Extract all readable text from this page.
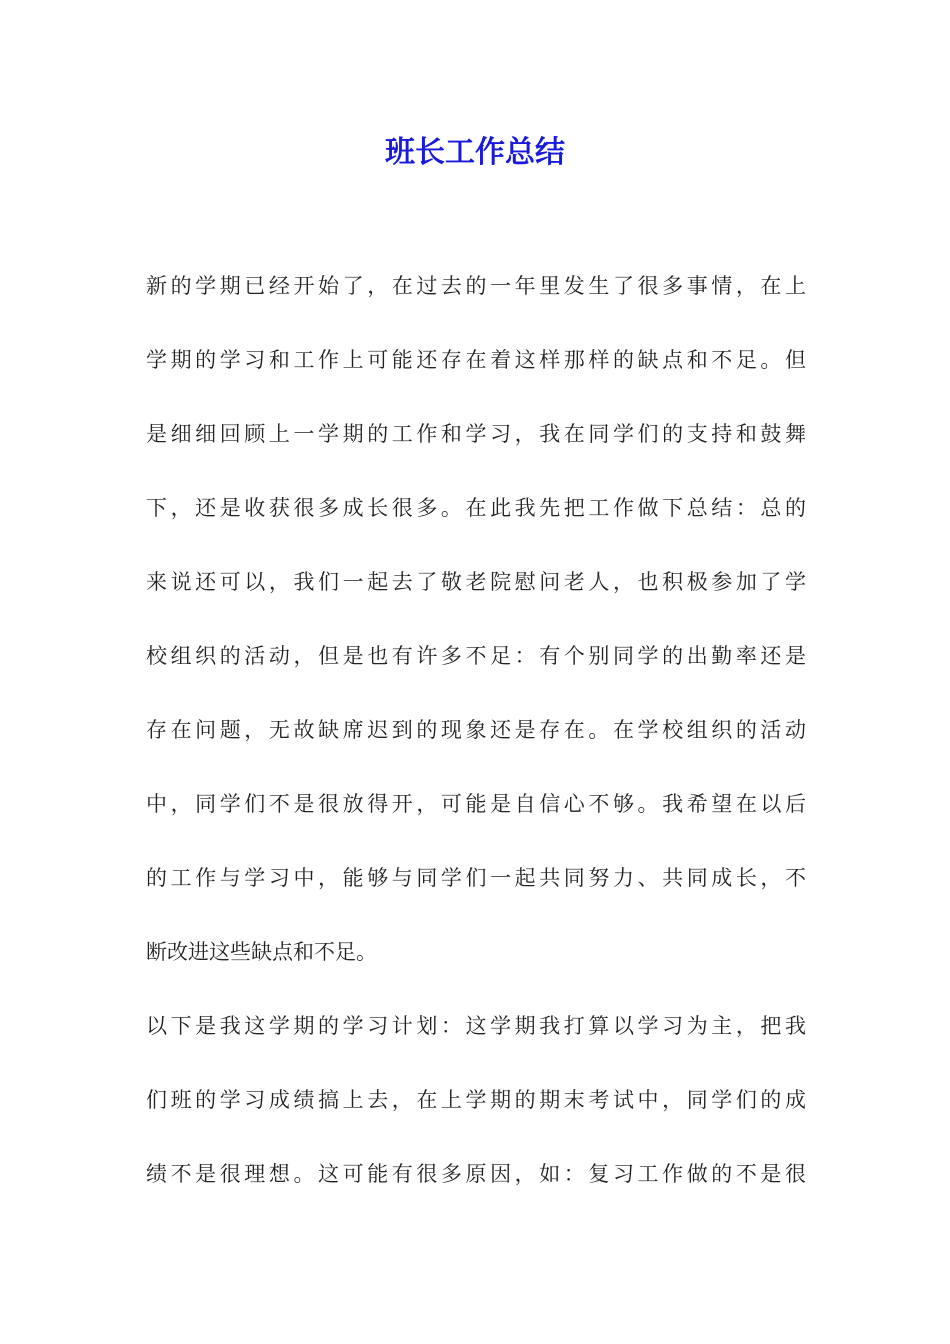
班长工作总结
新的学期已经开始了，在过去的一年里发生了很多事情，在上
学期的学习和工作上可能还存在着这样那样的缺点和不足。但
是细细回顾上一学期的工作和学习，我在同学们的支持和鼓舞
下，还是收获很多成长很多。在此我先把工作做下总结：总的
来说还可以，我们一起去了敬老院慰问老人，也积极参加了学
校组织的活动，但是也有许多不足：有个别同学的出勤率还是
存在问题，无故缺席迟到的现象还是存在。在学校组织的活动
中，同学们不是很放得开，可能是自信心不够。我希望在以后
的工作与学习中，能够与同学们一起共同努力、共同成长，不
断改进这些缺点和不足。
以下是我这学期的学习计划：这学期我打算以学习为主，把我
们班的学习成绩搞上去，在上学期的期末考试中，同学们的成
绩不是很理想。这可能有很多原因，如：复习工作做的不是很
